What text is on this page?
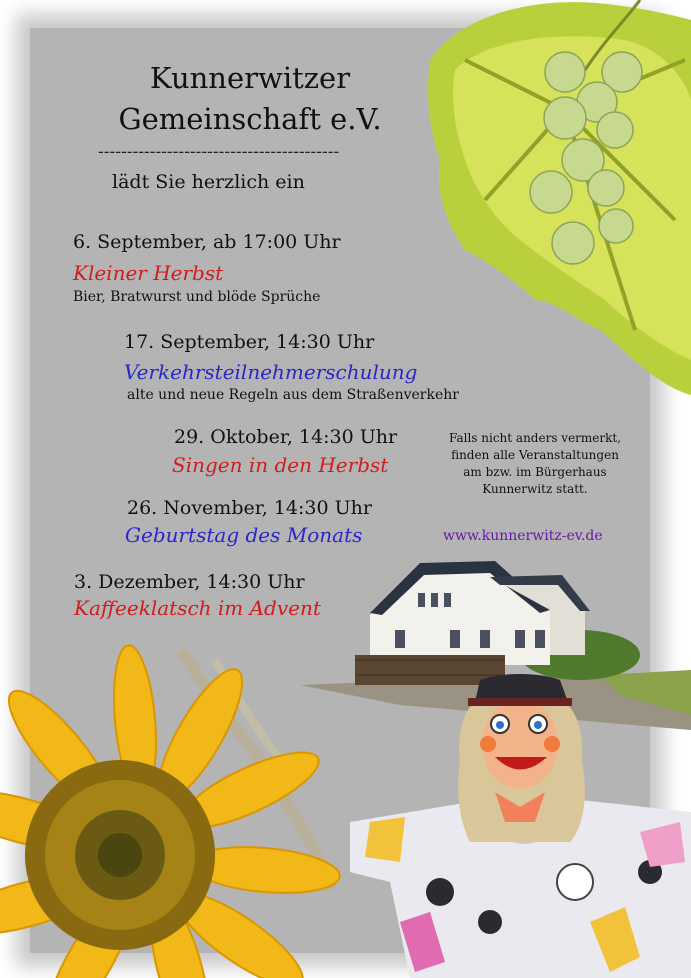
Kunnerwitzer
Gemeinschaft e.V.
------------------------------------------
lädt Sie herzlich ein
6. September, ab 17:00 Uhr
Kleiner Herbst
Bier, Bratwurst und blöde Sprüche
17. September, 14:30 Uhr
Verkehrsteilnehmerschulung
alte und neue Regeln aus dem Straßenverkehr
29. Oktober, 14:30 Uhr
Singen in den Herbst
26. November, 14:30 Uhr
Geburtstag des Monats
3. Dezember, 14:30 Uhr
Kaffeeklatsch im Advent
Falls nicht anders vermerkt,
finden alle Veranstaltungen
am bzw. im Bürgerhaus
Kunnerwitz statt.
www.kunnerwitz-ev.de
